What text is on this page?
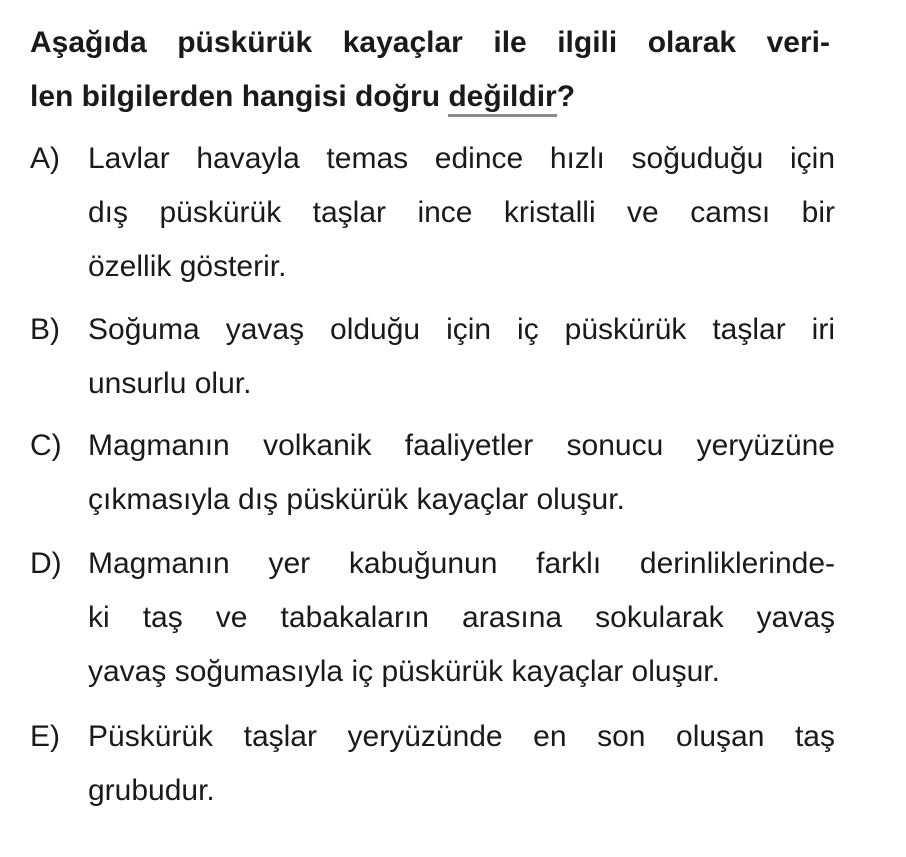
Aşağıda püskürük kayaçlar ile ilgili olarak veri-
len bilgilerden hangisi doğru değildir?
A) Lavlar havayla temas edince hızlı soğuduğu için
dış püskürük taşlar ince kristalli ve camsı bir
özellik gösterir.
B) Soğuma yavaş olduğu için iç püskürük taşlar iri
unsurlu olur.
C) Magmanın volkanik faaliyetler sonucu yeryüzüne
çıkmasıyla dış püskürük kayaçlar oluşur.
D) Magmanın yer kabuğunun farklı derinliklerinde-
ki taş ve tabakaların arasına sokularak yavaş
yavaş soğumasıyla iç püskürük kayaçlar oluşur.
E) Püskürük taşlar yeryüzünde en son oluşan taş
grubudur.
